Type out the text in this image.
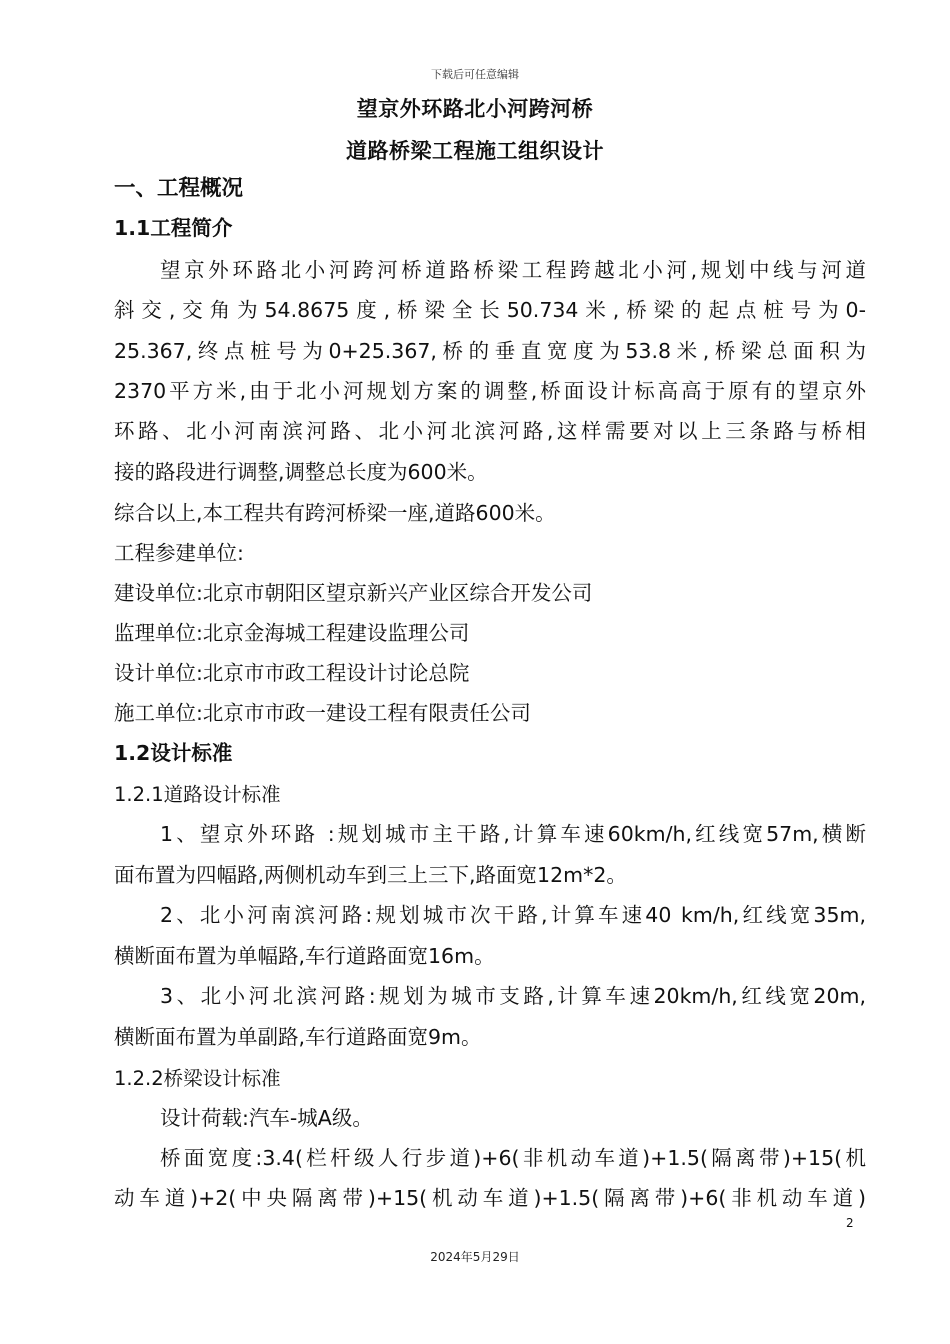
下载后可任意编辑
望京外环路北小河跨河桥
道路桥梁工程施工组织设计
一、工程概况
1.1工程简介
望京外环路北小河跨河桥道路桥梁工程跨越北小河,规划中线与河道
斜交,交角为54.8675度,桥梁全长50.734米,桥梁的起点桩号为0-
25.367,终点桩号为0+25.367,桥的垂直宽度为53.8米,桥梁总面积为
2370平方米,由于北小河规划方案的调整,桥面设计标高高于原有的望京外
环路、北小河南滨河路、北小河北滨河路,这样需要对以上三条路与桥相
接的路段进行调整,调整总长度为600米。
综合以上,本工程共有跨河桥梁一座,道路600米。
工程参建单位:
建设单位:北京市朝阳区望京新兴产业区综合开发公司
监理单位:北京金海城工程建设监理公司
设计单位:北京市市政工程设计讨论总院
施工单位:北京市市政一建设工程有限责任公司
1.2设计标准
1.2.1道路设计标准
1、望京外环路 :规划城市主干路,计算车速60km/h,红线宽57m,横断
面布置为四幅路,两侧机动车到三上三下,路面宽12m*2。
2、北小河南滨河路:规划城市次干路,计算车速40 km/h,红线宽35m,
横断面布置为单幅路,车行道路面宽16m。
3、北小河北滨河路:规划为城市支路,计算车速20km/h,红线宽20m,
横断面布置为单副路,车行道路面宽9m。
1.2.2桥梁设计标准
设计荷载:汽车-城A级。
桥面宽度:3.4(栏杆级人行步道)+6(非机动车道)+1.5(隔离带)+15(机
动车道)+2(中央隔离带)+15(机动车道)+1.5(隔离带)+6(非机动车道)
2
2024年5月29日
